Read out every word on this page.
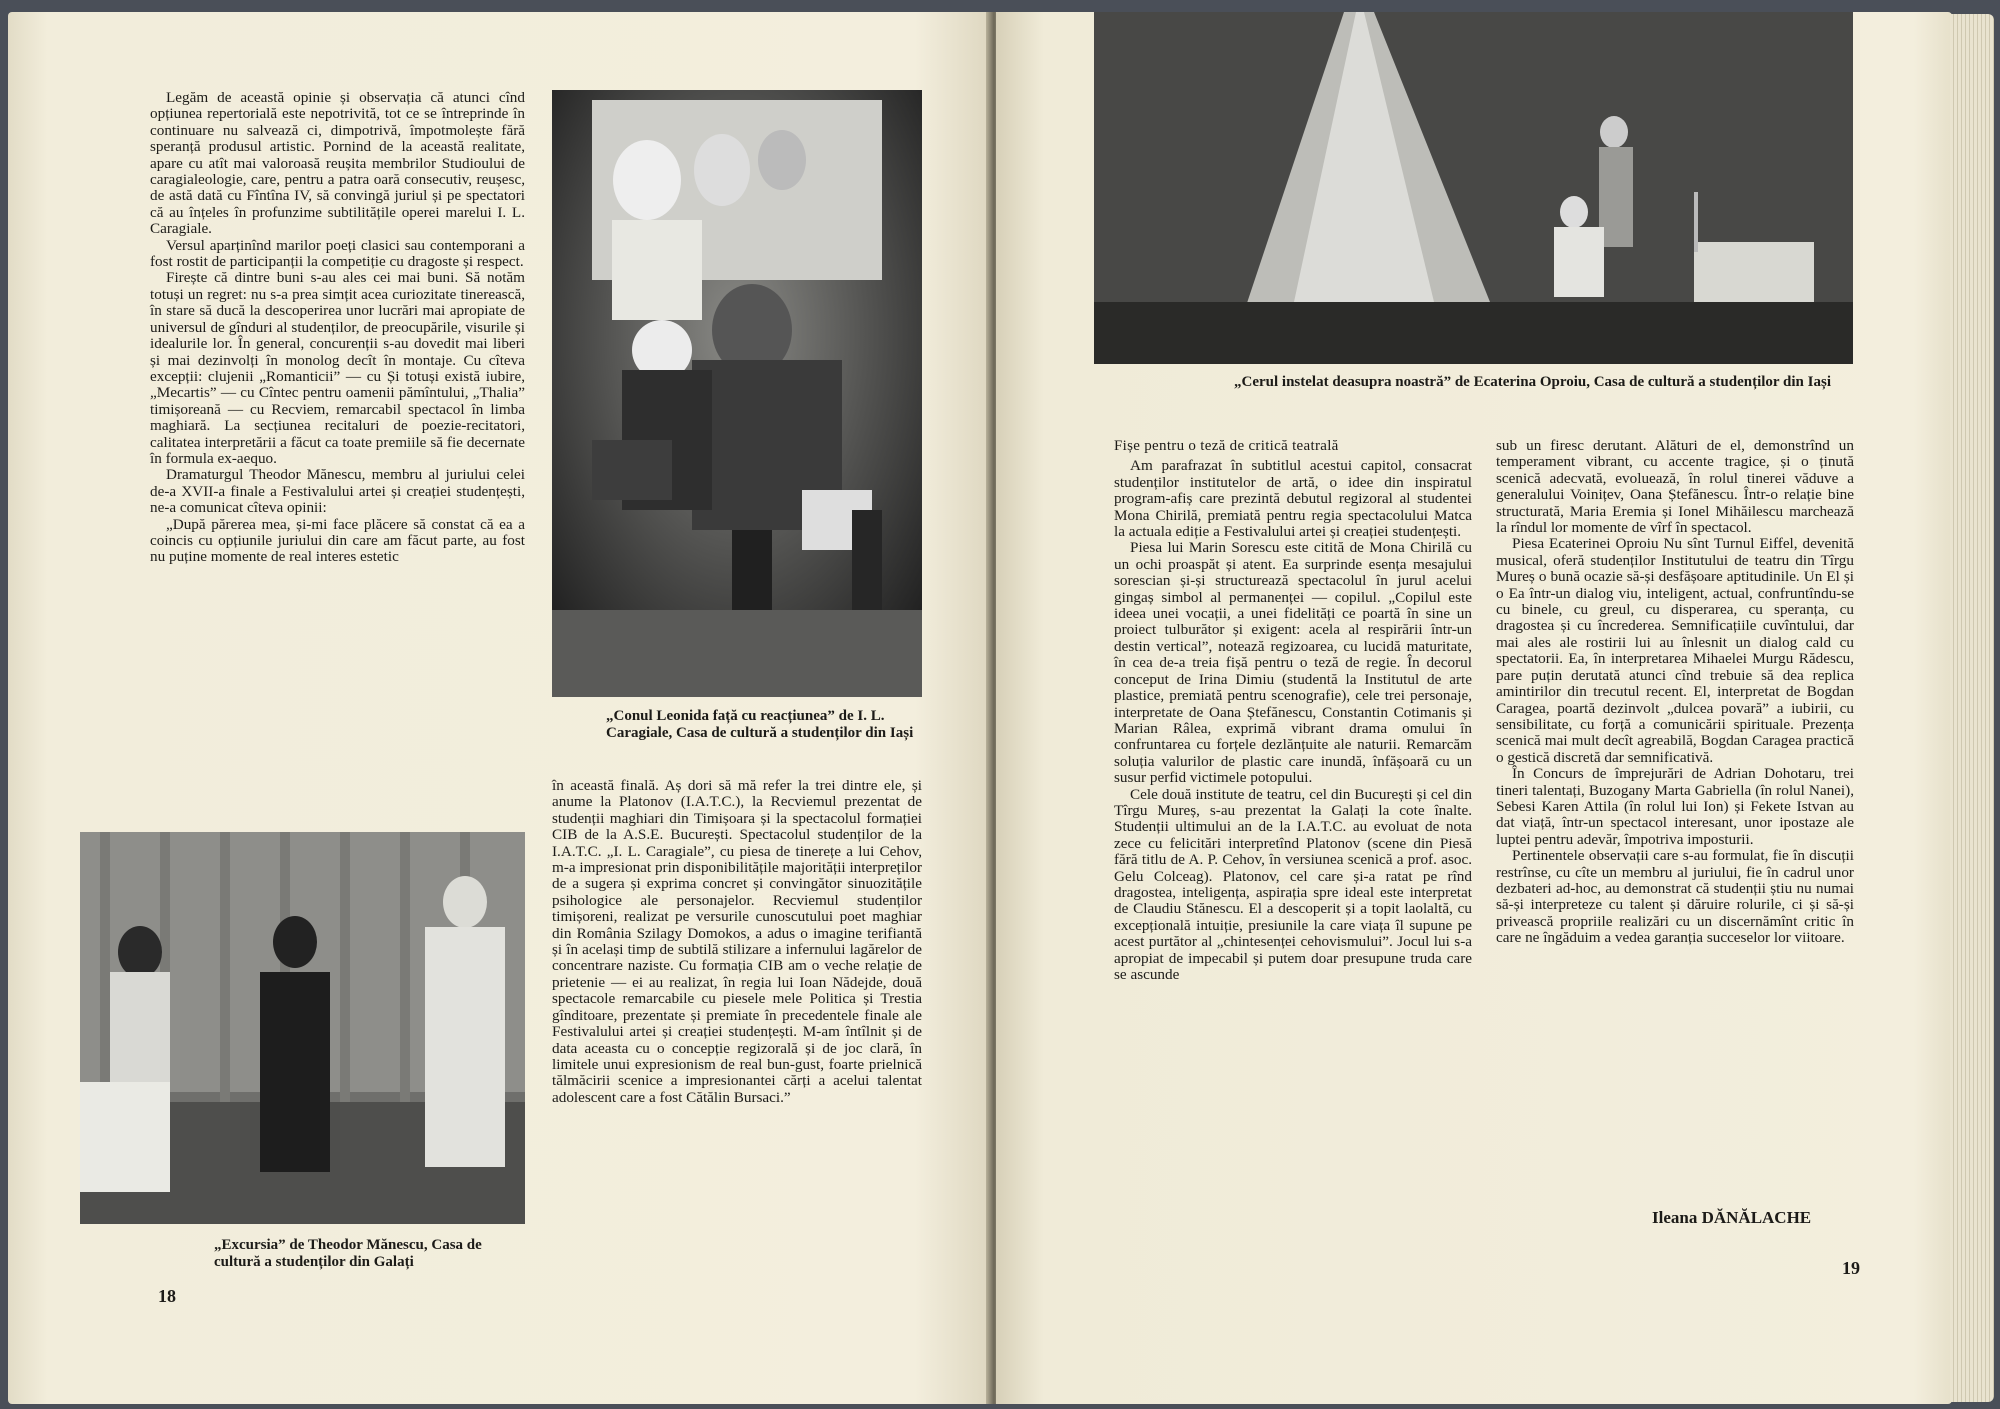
Legăm de această opinie și observația că atunci cînd opțiunea repertorială este nepotrivită, tot ce se întreprinde în continuare nu salvează ci, dimpotrivă, împotmolește fără speranță produsul artistic. Pornind de la această realitate, apare cu atît mai valoroasă reușita membrilor Studioului de caragialeologie, care, pentru a patra oară consecutiv, reușesc, de astă dată cu Fîntîna IV, să convingă juriul și pe spectatori că au înțeles în profunzime subtilitățile operei marelui I. L. Caragiale.

Versul aparținînd marilor poeți clasici sau contemporani a fost rostit de participanții la competiție cu dragoste și respect.

Firește că dintre buni s-au ales cei mai buni. Să notăm totuși un regret: nu s-a prea simțit acea curiozitate tinerească, în stare să ducă la descoperirea unor lucrări mai apropiate de universul de gînduri al studenților, de preocupările, visurile și idealurile lor. În general, concurenții s-au dovedit mai liberi și mai dezinvolți în monolog decît în montaje. Cu cîteva excepții: clujenii „Romanticii” — cu Și totuși există iubire, „Mecartis” — cu Cîntec pentru oamenii pămîntului, „Thalia” timișoreană — cu Recviem, remarcabil spectacol în limba maghiară. La secțiunea recitaluri de poezie-recitatori, calitatea interpretării a făcut ca toate premiile să fie decernate în formula ex-aequo.

Dramaturgul Theodor Mănescu, membru al juriului celei de-a XVII-a finale a Festivalului artei și creației studențești, ne-a comunicat cîteva opinii:

„După părerea mea, și-mi face plăcere să constat că ea a coincis cu opțiunile juriului din care am făcut parte, au fost nu puține momente de real interes estetic

„Conul Leonida față cu reacțiunea” de I. L. Caragiale, Casa de cultură a studenților din Iași

în această finală. Aș dori să mă refer la trei dintre ele, și anume la Platonov (I.A.T.C.), la Recviemul prezentat de studenții maghiari din Timișoara și la spectacolul formației CIB de la A.S.E. București. Spectacolul studenților de la I.A.T.C. „I. L. Caragiale”, cu piesa de tinerețe a lui Cehov, m-a impresionat prin disponibilitățile majorității interpreților de a sugera și exprima concret și convingător sinuozitățile psihologice ale personajelor. Recviemul studenților timișoreni, realizat pe versurile cunoscutului poet maghiar din România Szilagy Domokos, a adus o imagine terifiantă și în același timp de subtilă stilizare a infernului lagărelor de concentrare naziste. Cu formația CIB am o veche relație de prietenie — ei au realizat, în regia lui Ioan Nădejde, două spectacole remarcabile cu piesele mele Politica și Trestia gînditoare, prezentate și premiate în precedentele finale ale Festivalului artei și creației studențești. M-am întîlnit și de data aceasta cu o concepție regizorală și de joc clară, în limitele unui expresionism de real bun-gust, foarte prielnică tălmăcirii scenice a impresionantei cărți a acelui talentat adolescent care a fost Cătălin Bursaci.”

„Excursia” de Theodor Mănescu, Casa de cultură a studenților din Galați
18
„Cerul instelat deasupra noastră” de Ecaterina Oproiu, Casa de cultură a studenților din Iași
Fișe pentru o teză de critică teatrală

Am parafrazat în subtitlul acestui capitol, consacrat studenților institutelor de artă, o idee din inspiratul program-afiș care prezintă debutul regizoral al studentei Mona Chirilă, premiată pentru regia spectacolului Matca la actuala ediție a Festivalului artei și creației studențești.

Piesa lui Marin Sorescu este citită de Mona Chirilă cu un ochi proaspăt și atent. Ea surprinde esența mesajului sorescian și-și structurează spectacolul în jurul acelui gingaș simbol al permanenței — copilul. „Copilul este ideea unei vocații, a unei fidelități ce poartă în sine un proiect tulburător și exigent: acela al respirării într-un destin vertical”, notează regizoarea, cu lucidă maturitate, în cea de-a treia fișă pentru o teză de regie. În decorul conceput de Irina Dimiu (studentă la Institutul de arte plastice, premiată pentru scenografie), cele trei personaje, interpretate de Oana Ștefănescu, Constantin Cotimanis și Marian Râlea, exprimă vibrant drama omului în confruntarea cu forțele dezlănțuite ale naturii. Remarcăm soluția valurilor de plastic care inundă, înfășoară cu un susur perfid victimele potopului.

Cele două institute de teatru, cel din București și cel din Tîrgu Mureș, s-au prezentat la Galați la cote înalte. Studenții ultimului an de la I.A.T.C. au evoluat de nota zece cu felicitări interpretînd Platonov (scene din Piesă fără titlu de A. P. Cehov, în versiunea scenică a prof. asoc. Gelu Colceag). Platonov, cel care și-a ratat pe rînd dragostea, inteligența, aspirația spre ideal este interpretat de Claudiu Stănescu. El a descoperit și a topit laolaltă, cu excepțională intuiție, presiunile la care viața îl supune pe acest purtător al „chintesenței cehovismului”. Jocul lui s-a apropiat de impecabil și putem doar presupune truda care se ascunde

sub un firesc derutant. Alături de el, demonstrînd un temperament vibrant, cu accente tragice, și o ținută scenică adecvată, evoluează, în rolul tinerei văduve a generalului Voinițev, Oana Ștefănescu. Într-o relație bine structurată, Maria Eremia și Ionel Mihăilescu marchează la rîndul lor momente de vîrf în spectacol.

Piesa Ecaterinei Oproiu Nu sînt Turnul Eiffel, devenită musical, oferă studenților Institutului de teatru din Tîrgu Mureș o bună ocazie să-și desfășoare aptitudinile. Un El și o Ea într-un dialog viu, inteligent, actual, confruntîndu-se cu binele, cu greul, cu disperarea, cu speranța, cu dragostea și cu încrederea. Semnificațiile cuvîntului, dar mai ales ale rostirii lui au înlesnit un dialog cald cu spectatorii. Ea, în interpretarea Mihaelei Murgu Rădescu, pare puțin derutată atunci cînd trebuie să dea replica amintirilor din trecutul recent. El, interpretat de Bogdan Caragea, poartă dezinvolt „dulcea povară” a iubirii, cu sensibilitate, cu forță a comunicării spirituale. Prezența scenică mai mult decît agreabilă, Bogdan Caragea practică o gestică discretă dar semnificativă.

În Concurs de împrejurări de Adrian Dohotaru, trei tineri talentați, Buzogany Marta Gabriella (în rolul Nanei), Sebesi Karen Attila (în rolul lui Ion) și Fekete Istvan au dat viață, într-un spectacol interesant, unor ipostaze ale luptei pentru adevăr, împotriva imposturii.

Pertinentele observații care s-au formulat, fie în discuții restrînse, cu cîte un membru al juriului, fie în cadrul unor dezbateri ad-hoc, au demonstrat că studenții știu nu numai să-și interpreteze cu talent și dăruire rolurile, ci și să-și privească propriile realizări cu un discernămînt critic în care ne îngăduim a vedea garanția succeselor lor viitoare.

Ileana DĂNĂLACHE
19
